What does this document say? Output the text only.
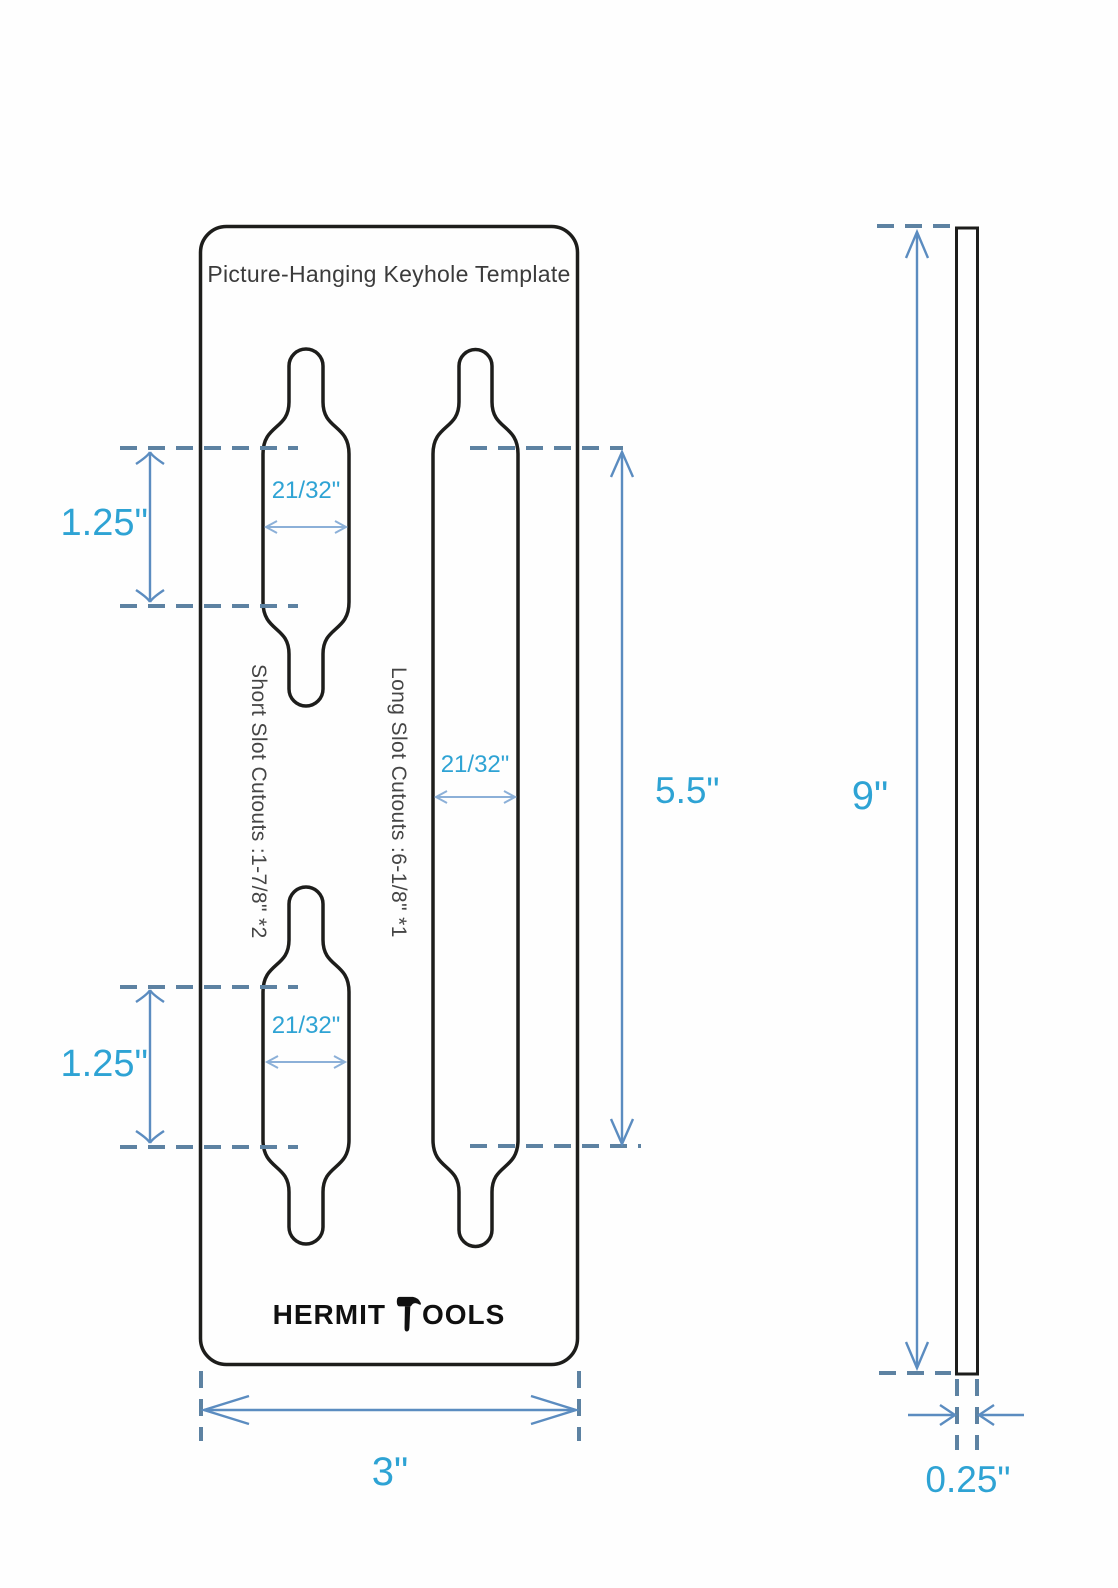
Picture-Hanging Keyhole Template
1.25"
1.25"
21/32"
21/32"
21/32"
5.5"
3"
9"
0.25"
Short Slot Cutouts :1-7/8" *2	Long Slot Cutouts :6-1/8" *1
HERMIT OOLS
